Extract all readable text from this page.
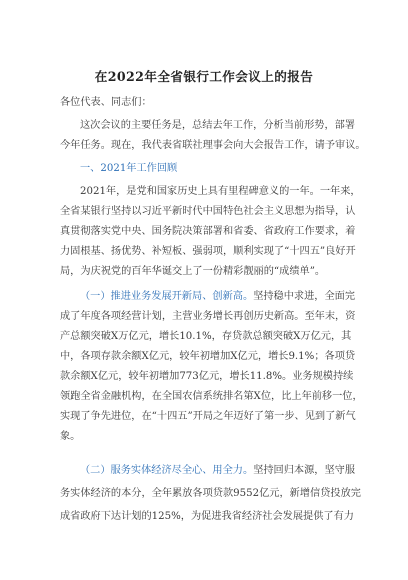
在2022年全省银行工作会议上的报告
各位代表、同志们：
这次会议的主要任务是，总结去年工作，分析当前形势，部署
今年任务。现在，我代表省联社理事会向大会报告工作，请予审议。
一、2021年工作回顾
2021年，是党和国家历史上具有里程碑意义的一年。一年来，
全省某银行坚持以习近平新时代中国特色社会主义思想为指导，认
真贯彻落实党中央、国务院决策部署和省委、省政府工作要求，着
力固根基、扬优势、补短板、强弱项，顺利实现了“十四五”良好开
局，为庆祝党的百年华诞交上了一份精彩靓丽的“成绩单”。
（一）推进业务发展开新局、创新高。坚持稳中求进，全面完
成了年度各项经营计划，主营业务增长再创历史新高。至年末，资
产总额突破X万亿元，增长10.1%，存贷款总额突破X万亿元，其
中，各项存款余额X亿元，较年初增加X亿元，增长9.1%；各项贷
款余额X亿元，较年初增加773亿元，增长11.8%。业务规模持续
领跑全省金融机构，在全国农信系统排名第X位，比上年前移一位，
实现了争先进位，在“十四五”开局之年迈好了第一步、见到了新气
象。
（二）服务实体经济尽全心、用全力。坚持回归本源，坚守服
务实体经济的本分，全年累放各项贷款9552亿元，新增信贷投放完
成省政府下达计划的125%，为促进我省经济社会发展提供了有力
